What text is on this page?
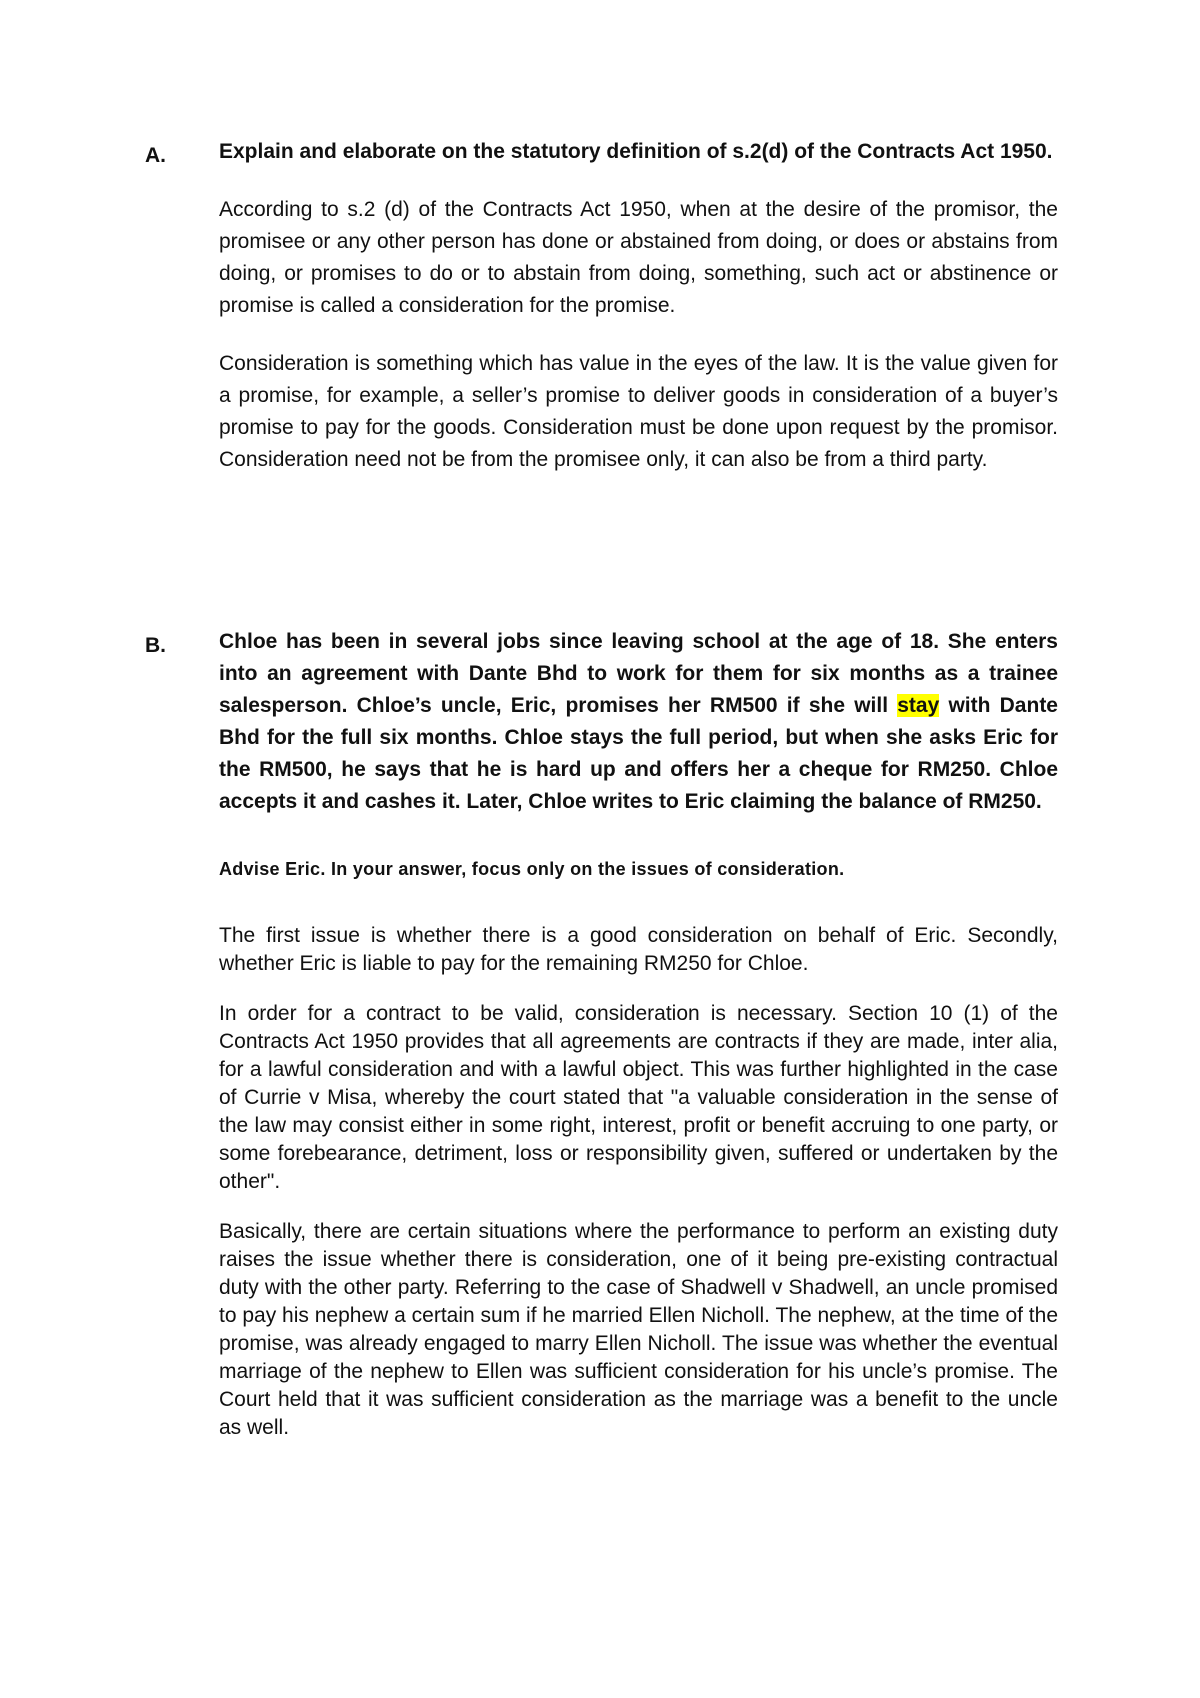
A.	Explain and elaborate on the statutory definition of s.2(d) of the Contracts Act 1950.

According to s.2 (d) of the Contracts Act 1950, when at the desire of the promisor, the promisee or any other person has done or abstained from doing, or does or abstains from doing, or promises to do or to abstain from doing, something, such act or abstinence or promise is called a consideration for the promise.

Consideration is something which has value in the eyes of the law. It is the value given for a promise, for example, a seller’s promise to deliver goods in consideration of a buyer’s promise to pay for the goods. Consideration must be done upon request by the promisor. Consideration need not be from the promisee only, it can also be from a third party.

B.	Chloe has been in several jobs since leaving school at the age of 18. She enters into an agreement with Dante Bhd to work for them for six months as a trainee salesperson. Chloe’s uncle, Eric, promises her RM500 if she will stay with Dante Bhd for the full six months. Chloe stays the full period, but when she asks Eric for the RM500, he says that he is hard up and offers her a cheque for RM250. Chloe accepts it and cashes it. Later, Chloe writes to Eric claiming the balance of RM250.

Advise Eric. In your answer, focus only on the issues of consideration.

The first issue is whether there is a good consideration on behalf of Eric. Secondly, whether Eric is liable to pay for the remaining RM250 for Chloe.

In order for a contract to be valid, consideration is necessary. Section 10 (1) of the Contracts Act 1950 provides that all agreements are contracts if they are made, inter alia, for a lawful consideration and with a lawful object. This was further highlighted in the case of Currie v Misa, whereby the court stated that "a valuable consideration in the sense of the law may consist either in some right, interest, profit or benefit accruing to one party, or some forebearance, detriment, loss or responsibility given, suffered or undertaken by the other".

Basically, there are certain situations where the performance to perform an existing duty raises the issue whether there is consideration, one of it being pre-existing contractual duty with the other party. Referring to the case of Shadwell v Shadwell, an uncle promised to pay his nephew a certain sum if he married Ellen Nicholl. The nephew, at the time of the promise, was already engaged to marry Ellen Nicholl. The issue was whether the eventual marriage of the nephew to Ellen was sufficient consideration for his uncle’s promise. The Court held that it was sufficient consideration as the marriage was a benefit to the uncle as well.
